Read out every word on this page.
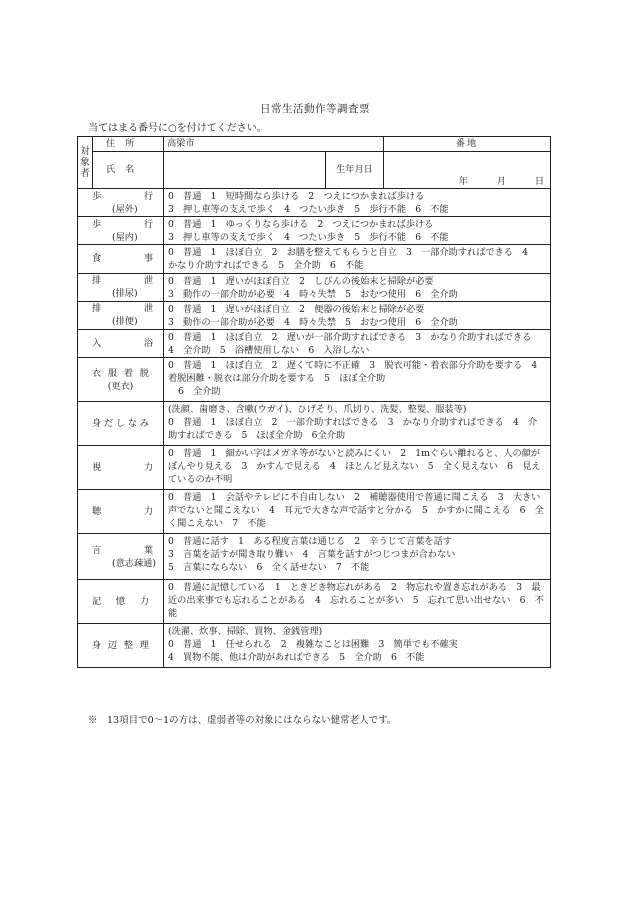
日常生活動作等調査票
当てはまる番号に○を付けてください。
対
象
者	住所	高梁市		番地
	氏名		生年月日	年 月 日

歩 行
(屋外)		0　普通　1　短時間なら歩ける　2　つえにつかまれば歩ける
3　押し車等の支えで歩く　4　つたい歩き　5　歩行不能　6　不能		

歩 行
(屋内)		0　普通　1　ゆっくりなら歩ける　2　つえにつかまれば歩ける
3　押し車等の支えで歩く　4　つたい歩き　5　歩行不能　6　不能		

食 事		0　普通　1　ほぼ自立　2　お膳を整えてもらうと自立　3　一部介助すればできる　4　かなり介助すればできる　5　全介助　6　不能		

排 泄
(排尿)		0　普通　1　遅いがほぼ自立　2　しびんの後始末と掃除が必要
3　動作の一部介助が必要　4　時々失禁　5　おむつ使用　6　全介助		

排 泄
(排便)		0　普通　1　遅いがほぼ自立　2　便器の後始末と掃除が必要
3　動作の一部介助が必要　4　時々失禁　5　おむつ使用　6　全介助		

入 浴		0　普通　1　ほぼ自立　2　遅いが一部介助すればできる　3　かなり介助すればできる　4　全介助　5　浴槽使用しない　6　入浴しない		

衣服着脱
(更衣)		0　普通　1　ほぼ自立　2　遅くて時に不正確　3　脱衣可能・着衣部分介助を要する　4　着脱困難・脱衣は部分介助を要する　5　ほぼ全介助
6　全介助		

身だしなみ		(洗顔、歯磨き、含嗽(ウガイ)、ひげそり、爪切り、洗髪、整髪、服装等)
0　普通　1　ほぼ自立　2　一部介助すればできる　3　かなり介助すればできる　4　介助すればできる　5　ほぼ全介助　6全介助		

視 力		0　普通　1　細かい字はメガネ等がないと読みにくい　2　1mぐらい離れると、人の顔がぼんやり見える　3　かすんで見える　4　ほとんど見えない　5　全く見えない　6　見えているのか不明		

聴 力		0　普通　1　会話やテレビに不自由しない　2　補聴器使用で普通に聞こえる　3　大きい声でないと聞こえない　4　耳元で大きな声で話すと分かる　5　かすかに聞こえる　6　全く聞こえない　7　不能		

言 葉
(意志疎通)		0　普通に話す　1　ある程度言葉は通じる　2　辛うじて言葉を話す
3　言葉を話すが聞き取り難い　4　言葉を話すがつじつまが合わない
5　言葉にならない　6　全く話せない　7　不能		

記憶力		0　普通に記憶している　1　ときどき物忘れがある　2　物忘れや置き忘れがある　3　最近の出来事でも忘れることがある　4　忘れることが多い　5　忘れて思い出せない　6　不能		

身辺整理		(洗濯、炊事、掃除、買物、金銭管理)
0　普通　1　任せられる　2　複雑なことは困難　3　簡単でも不確実
4　買物不能、他は介助があればできる　5　全介助　6　不能		
※　13項目で0～1の方は、虚弱者等の対象にはならない健常老人です。
